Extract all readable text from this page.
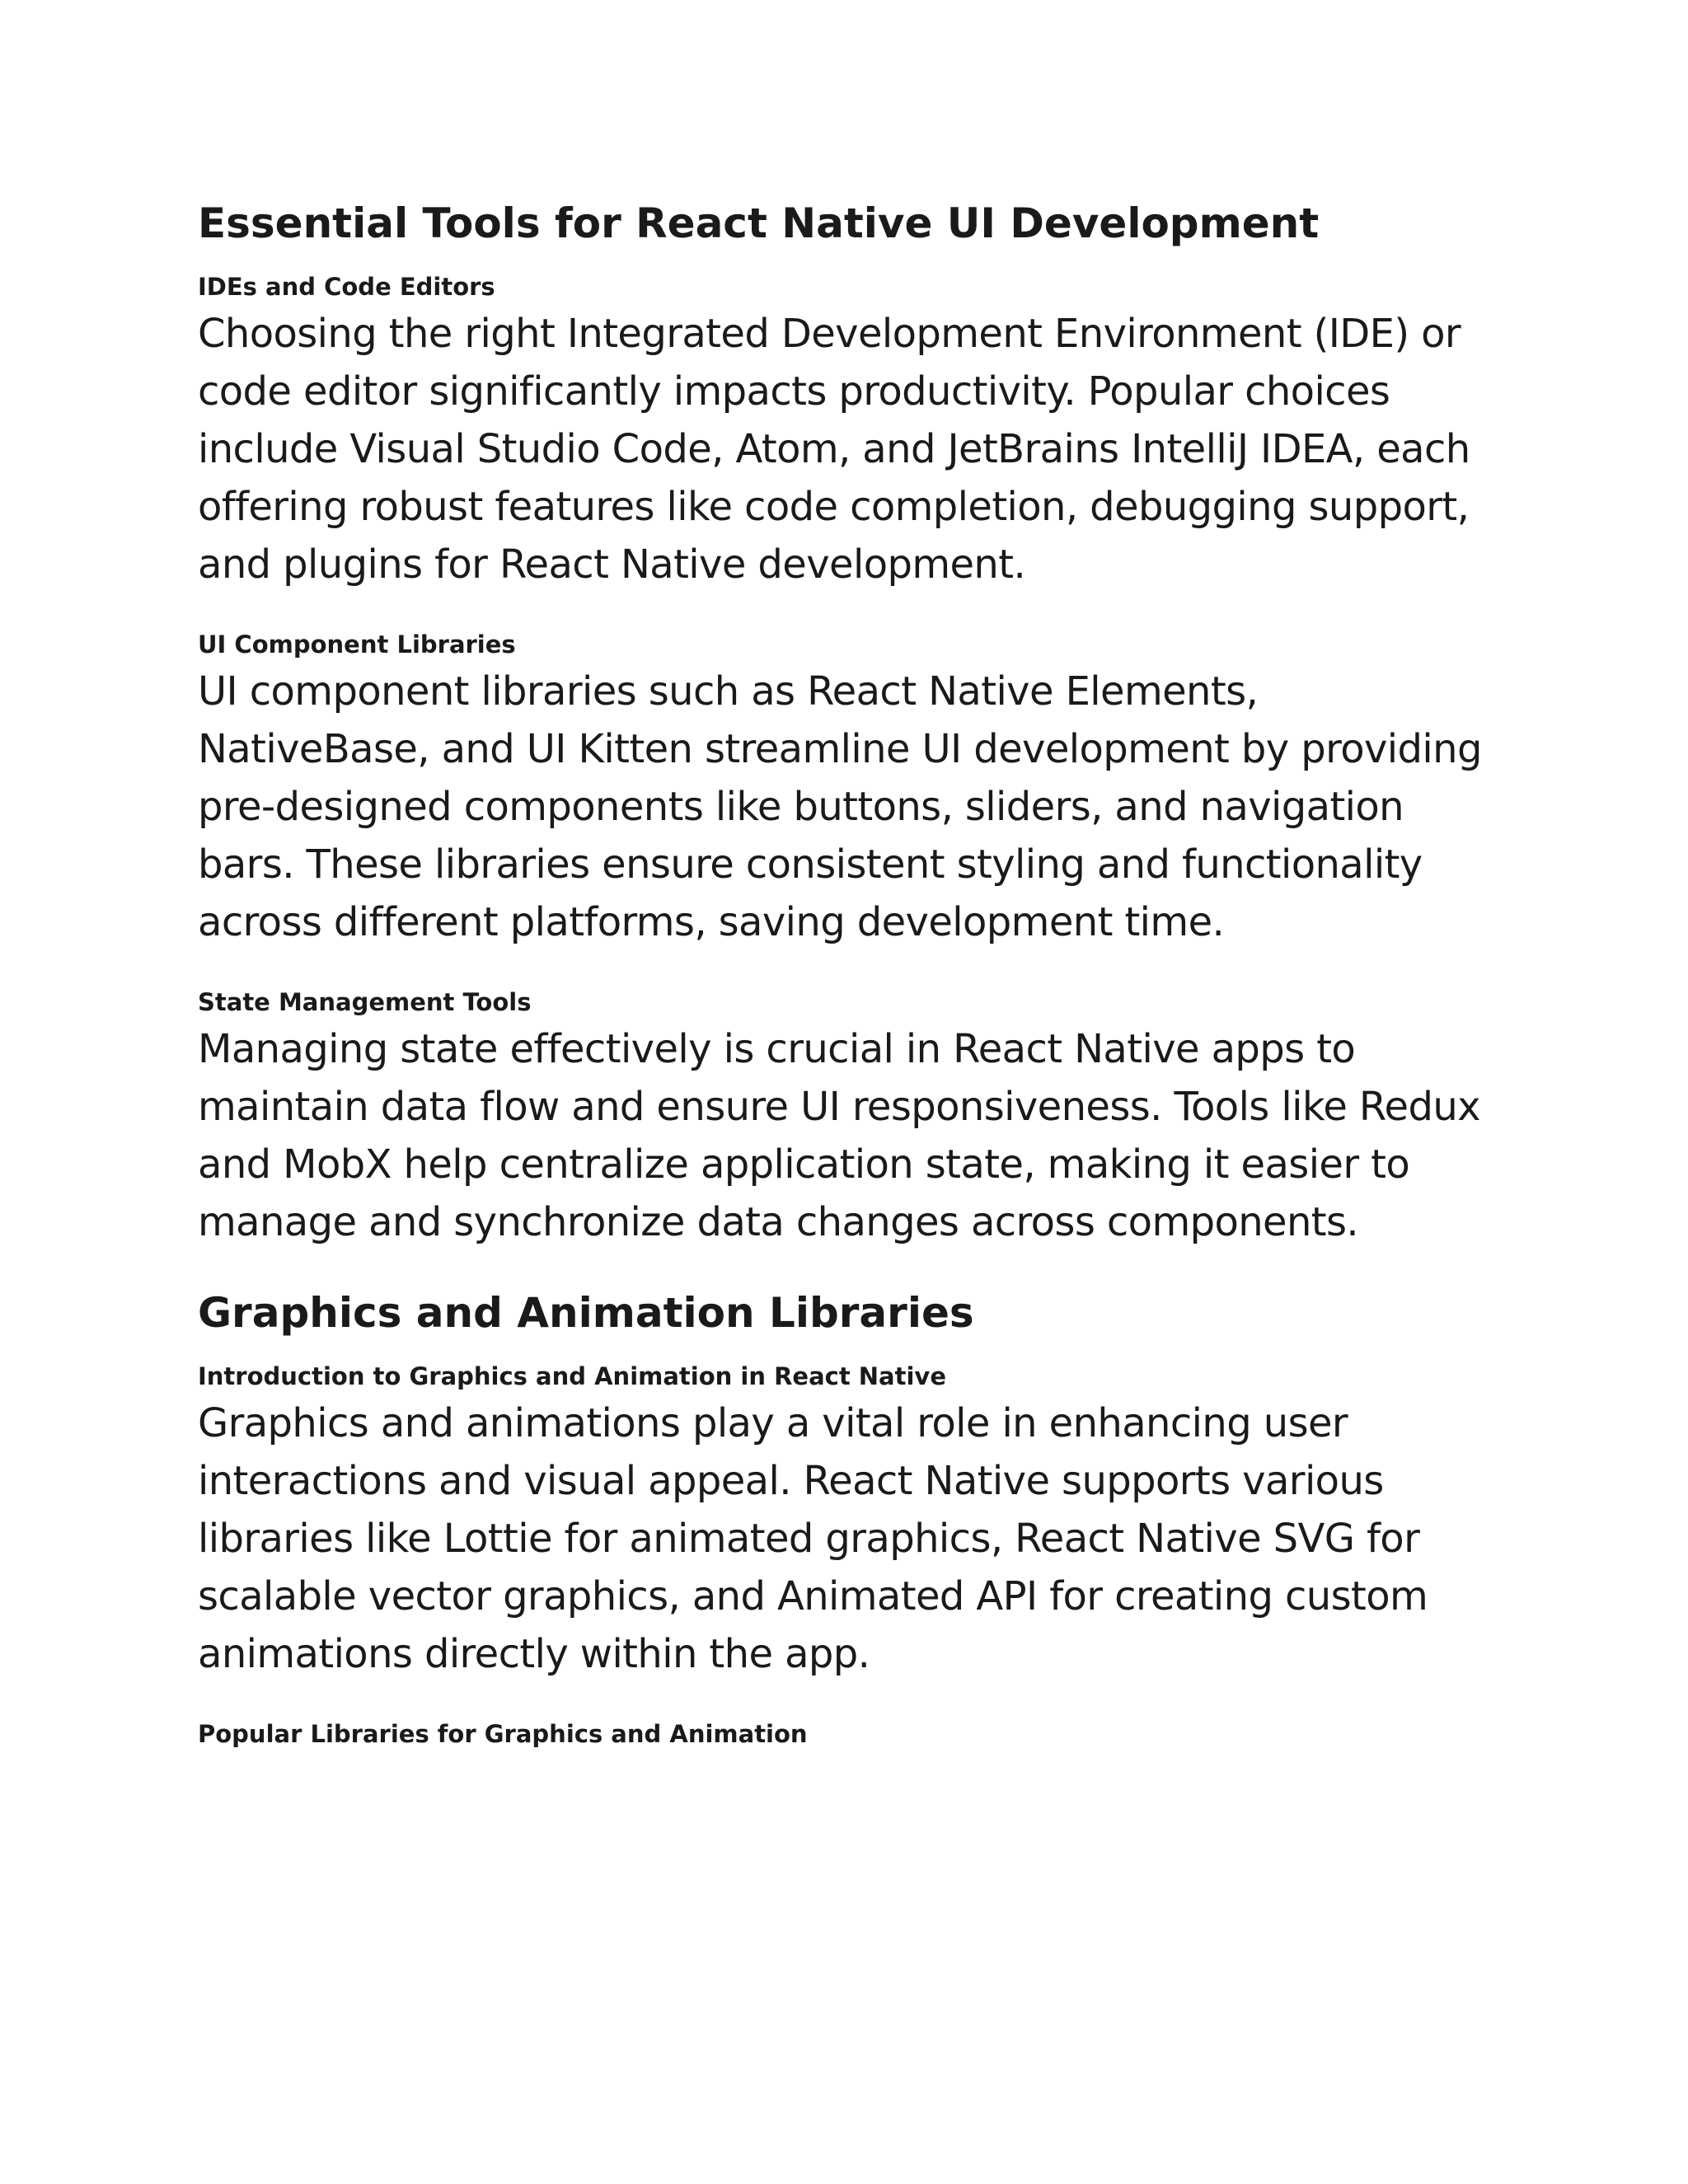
Essential Tools for React Native UI Development
IDEs and Code Editors

Choosing the right Integrated Development Environment (IDE) or code editor significantly impacts productivity. Popular choices include Visual Studio Code, Atom, and JetBrains IntelliJ IDEA, each offering robust features like code completion, debugging support, and plugins for React Native development.

UI Component Libraries

UI component libraries such as React Native Elements, NativeBase, and UI Kitten streamline UI development by providing pre-designed components like buttons, sliders, and navigation bars. These libraries ensure consistent styling and functionality across different platforms, saving development time.

State Management Tools

Managing state effectively is crucial in React Native apps to maintain data flow and ensure UI responsiveness. Tools like Redux and MobX help centralize application state, making it easier to manage and synchronize data changes across components.

Graphics and Animation Libraries
Introduction to Graphics and Animation in React Native

Graphics and animations play a vital role in enhancing user interactions and visual appeal. React Native supports various libraries like Lottie for animated graphics, React Native SVG for scalable vector graphics, and Animated API for creating custom animations directly within the app.

Popular Libraries for Graphics and Animation
